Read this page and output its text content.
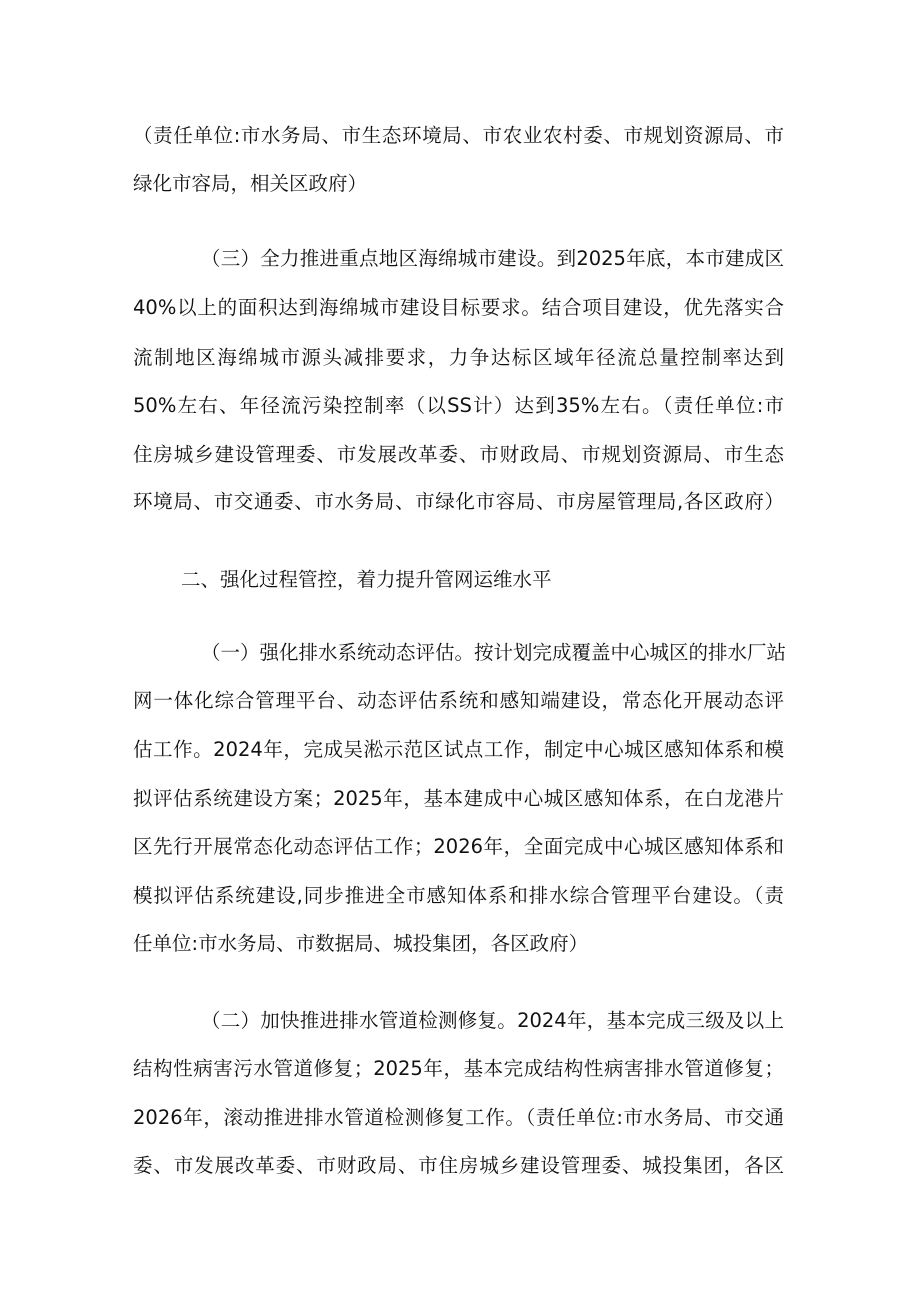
（责任单位:市水务局、市生态环境局、市农业农村委、市规划资源局、市
绿化市容局，相关区政府）
（三）全力推进重点地区海绵城市建设。到2025年底，本市建成区
40%以上的面积达到海绵城市建设目标要求。结合项目建设，优先落实合
流制地区海绵城市源头减排要求，力争达标区域年径流总量控制率达到
50%左右、年径流污染控制率（以SS计）达到35%左右。（责任单位:市
住房城乡建设管理委、市发展改革委、市财政局、市规划资源局、市生态
环境局、市交通委、市水务局、市绿化市容局、市房屋管理局,各区政府）
二、强化过程管控，着力提升管网运维水平
（一）强化排水系统动态评估。按计划完成覆盖中心城区的排水厂站
网一体化综合管理平台、动态评估系统和感知端建设，常态化开展动态评
估工作。2024年，完成吴淞示范区试点工作，制定中心城区感知体系和模
拟评估系统建设方案；2025年，基本建成中心城区感知体系，在白龙港片
区先行开展常态化动态评估工作；2026年，全面完成中心城区感知体系和
模拟评估系统建设,同步推进全市感知体系和排水综合管理平台建设。（责
任单位:市水务局、市数据局、城投集团，各区政府）
（二）加快推进排水管道检测修复。2024年，基本完成三级及以上
结构性病害污水管道修复；2025年，基本完成结构性病害排水管道修复；
2026年，滚动推进排水管道检测修复工作。（责任单位:市水务局、市交通
委、市发展改革委、市财政局、市住房城乡建设管理委、城投集团，各区
